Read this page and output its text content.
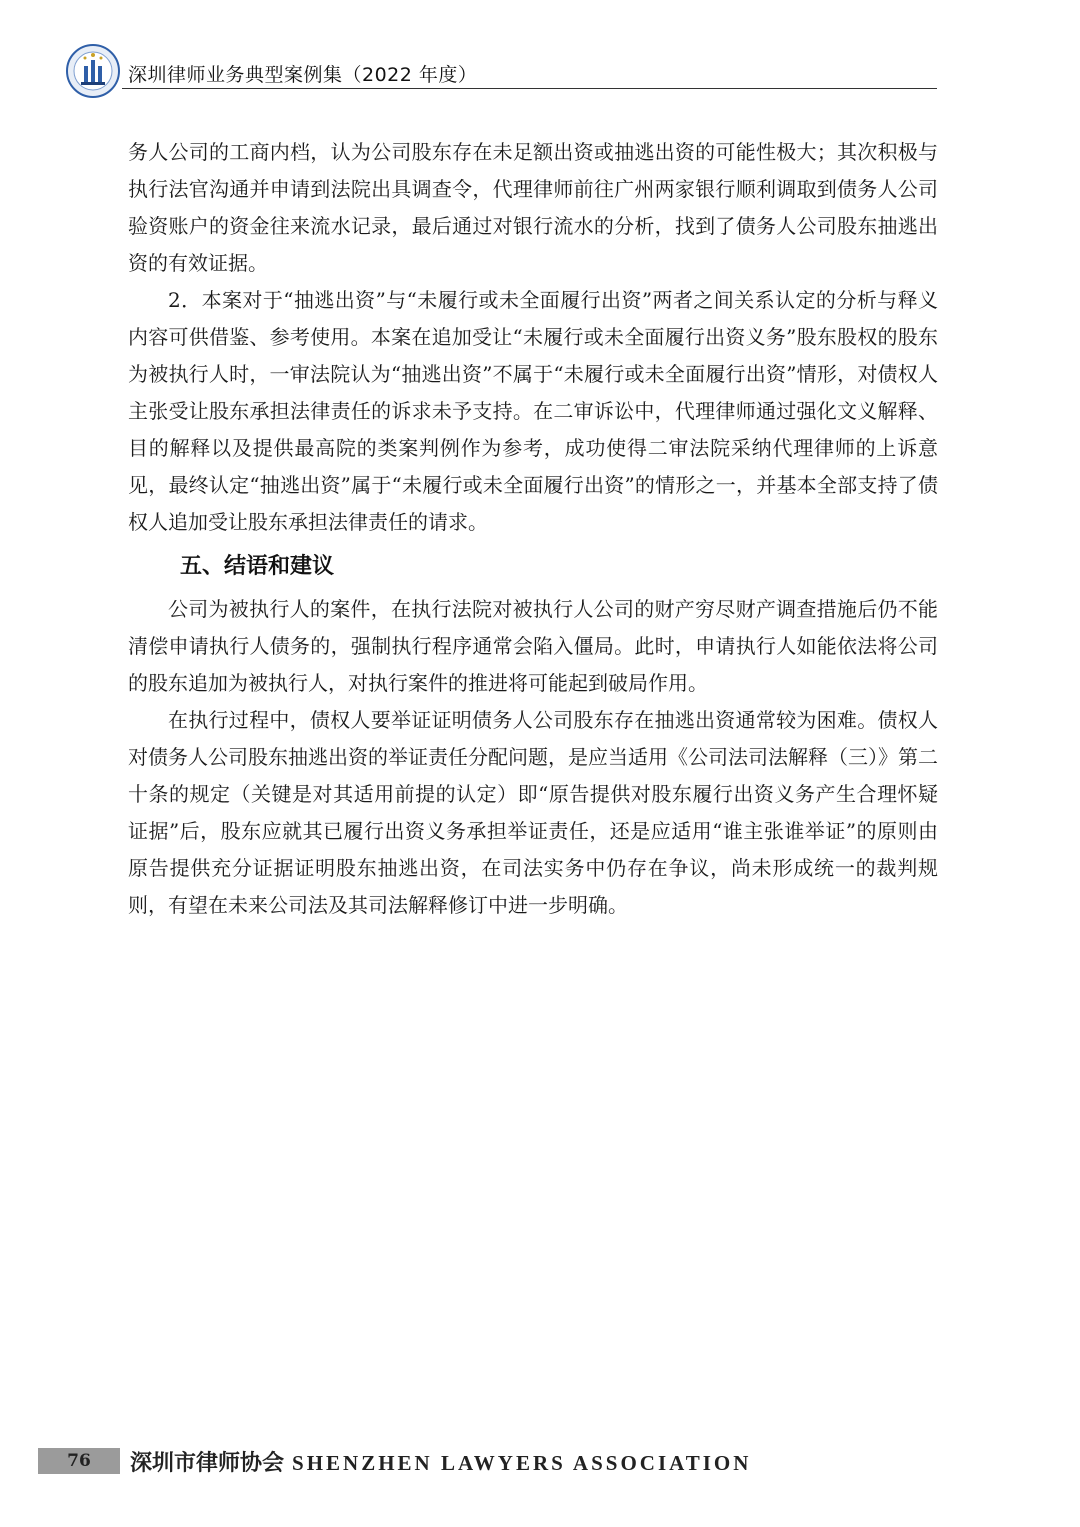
深圳律师业务典型案例集（2022 年度）

务人公司的工商内档，认为公司股东存在未足额出资或抽逃出资的可能性极大；其次积极与执行法官沟通并申请到法院出具调查令，代理律师前往广州两家银行顺利调取到债务人公司验资账户的资金往来流水记录，最后通过对银行流水的分析，找到了债务人公司股东抽逃出资的有效证据。

2．本案对于“抽逃出资”与“未履行或未全面履行出资”两者之间关系认定的分析与释义内容可供借鉴、参考使用。本案在追加受让“未履行或未全面履行出资义务”股东股权的股东为被执行人时，一审法院认为“抽逃出资”不属于“未履行或未全面履行出资”情形，对债权人主张受让股东承担法律责任的诉求未予支持。在二审诉讼中，代理律师通过强化文义解释、目的解释以及提供最高院的类案判例作为参考，成功使得二审法院采纳代理律师的上诉意见，最终认定“抽逃出资”属于“未履行或未全面履行出资”的情形之一，并基本全部支持了债权人追加受让股东承担法律责任的请求。

五、结语和建议

公司为被执行人的案件，在执行法院对被执行人公司的财产穷尽财产调查措施后仍不能清偿申请执行人债务的，强制执行程序通常会陷入僵局。此时，申请执行人如能依法将公司的股东追加为被执行人，对执行案件的推进将可能起到破局作用。

在执行过程中，债权人要举证证明债务人公司股东存在抽逃出资通常较为困难。债权人对债务人公司股东抽逃出资的举证责任分配问题，是应当适用《公司法司法解释（三）》第二十条的规定（关键是对其适用前提的认定）即“原告提供对股东履行出资义务产生合理怀疑证据”后，股东应就其已履行出资义务承担举证责任，还是应适用“谁主张谁举证”的原则由原告提供充分证据证明股东抽逃出资，在司法实务中仍存在争议，尚未形成统一的裁判规则，有望在未来公司法及其司法解释修订中进一步明确。

76	深圳市律师协会 SHENZHEN LAWYERS ASSOCIATION
